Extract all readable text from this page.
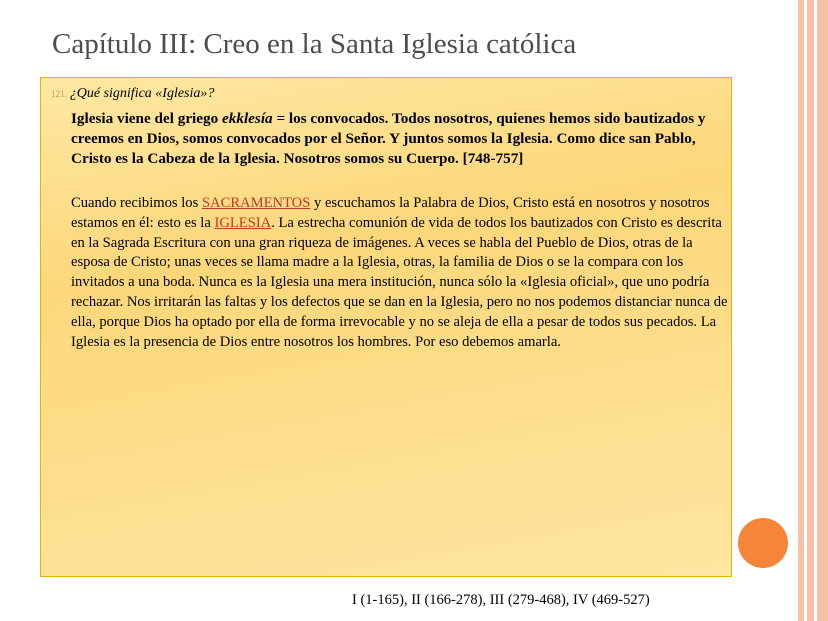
Capítulo III: Creo en la Santa Iglesia católica
121. ¿Qué significa «Iglesia»?
Iglesia viene del griego ekklesía = los convocados. Todos nosotros, quienes hemos sido bautizados y creemos en Dios, somos convocados por el Señor. Y juntos somos la Iglesia. Como dice san Pablo, Cristo es la Cabeza de la Iglesia. Nosotros somos su Cuerpo. [748-757]
Cuando recibimos los SACRAMENTOS y escuchamos la Palabra de Dios, Cristo está en nosotros y nosotros estamos en él: esto es la IGLESIA. La estrecha comunión de vida de todos los bautizados con Cristo es descrita en la Sagrada Escritura con una gran riqueza de imágenes. A veces se habla del Pueblo de Dios, otras de la esposa de Cristo; unas veces se llama madre a la Iglesia, otras, la familia de Dios o se la compara con los invitados a una boda. Nunca es la Iglesia una mera institución, nunca sólo la «Iglesia oficial», que uno podría rechazar. Nos irritarán las faltas y los defectos que se dan en la Iglesia, pero no nos podemos distanciar nunca de ella, porque Dios ha optado por ella de forma irrevocable y no se aleja de ella a pesar de todos sus pecados. La Iglesia es la presencia de Dios entre nosotros los hombres. Por eso debemos amarla.
I (1-165), II (166-278), III (279-468), IV (469-527)
